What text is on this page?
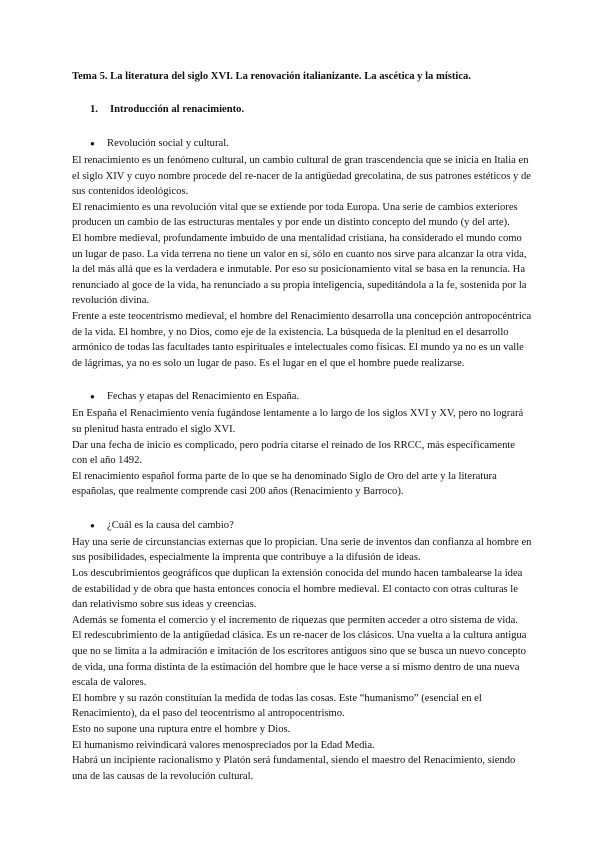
Tema 5. La literatura del siglo XVI. La renovación italianizante. La ascética y la mística.
1. Introducción al renacimiento.
● Revolución social y cultural.

El renacimiento es un fenómeno cultural, un cambio cultural de gran trascendencia que se inicia en Italia en el siglo XIV y cuyo nombre procede del re-nacer de la antigüedad grecolatina, de sus patrones estéticos y de sus contenidos ideológicos.

El renacimiento es una revolución vital que se extiende por toda Europa. Una serie de cambios exteriores producen un cambio de las estructuras mentales y por ende un distinto concepto del mundo (y del arte).

El hombre medieval, profundamente imbuido de una mentalidad cristiana, ha considerado el mundo como un lugar de paso. La vida terrena no tiene un valor en sí, sólo en cuanto nos sirve para alcanzar la otra vida, la del más allá que es la verdadera e inmutable. Por eso su posicionamiento vital se basa en la renuncia. Ha renunciado al goce de la vida, ha renunciado a su propia inteligencia, supeditándola a la fe, sostenida por la revolución divina.

Frente a este teocentrismo medieval, el hombre del Renacimiento desarrolla una concepción antropocéntrica de la vida. El hombre, y no Dios, como eje de la existencia. La búsqueda de la plenitud en el desarrollo armónico de todas las facultades tanto espirituales e intelectuales como físicas. El mundo ya no es un valle de lágrimas, ya no es solo un lugar de paso. Es el lugar en el que el hombre puede realizarse.

● Fechas y etapas del Renacimiento en España.

En España el Renacimiento venía fugándose lentamente a lo largo de los siglos XVI y XV, pero no logrará su plenitud hasta entrado el siglo XVI.

Dar una fecha de inicio es complicado, pero podría citarse el reinado de los RRCC, más específicamente con el año 1492.

El renacimiento español forma parte de lo que se ha denominado Siglo de Oro del arte y la literatura españolas, que realmente comprende casi 200 años (Renacimiento y Barroco).

● ¿Cuál es la causa del cambio?

Hay una serie de circunstancias externas que lo propician. Una serie de inventos dan confianza al hombre en sus posibilidades, especialmente la imprenta que contribuye a la difusión de ideas.

Los descubrimientos geográficos que duplican la extensión conocida del mundo hacen tambalearse la idea de estabilidad y de obra que hasta entonces conocía el hombre medieval. El contacto con otras culturas le dan relativismo sobre sus ideas y creencias.

Además se fomenta el comercio y el incremento de riquezas que permiten acceder a otro sistema de vida.

El redescubrimiento de la antigüedad clásica. Es un re-nacer de los clásicos. Una vuelta a la cultura antigua que no se limita a la admiración e imitación de los escritores antiguos sino que se busca un nuevo concepto de vida, una forma distinta de la estimación del hombre que le hace verse a sí mismo dentro de una nueva escala de valores.

El hombre y su razón constituían la medida de todas las cosas. Este “humanismo” (esencial en el Renacimiento), da el paso del teocentrismo al antropocentrismo.

Esto no supone una ruptura entre el hombre y Dios.

El humanismo reivindicará valores menospreciados por la Edad Media.

Habrá un incipiente racionalismo y Platón será fundamental, siendo el maestro del Renacimiento, siendo una de las causas de la revolución cultural.
